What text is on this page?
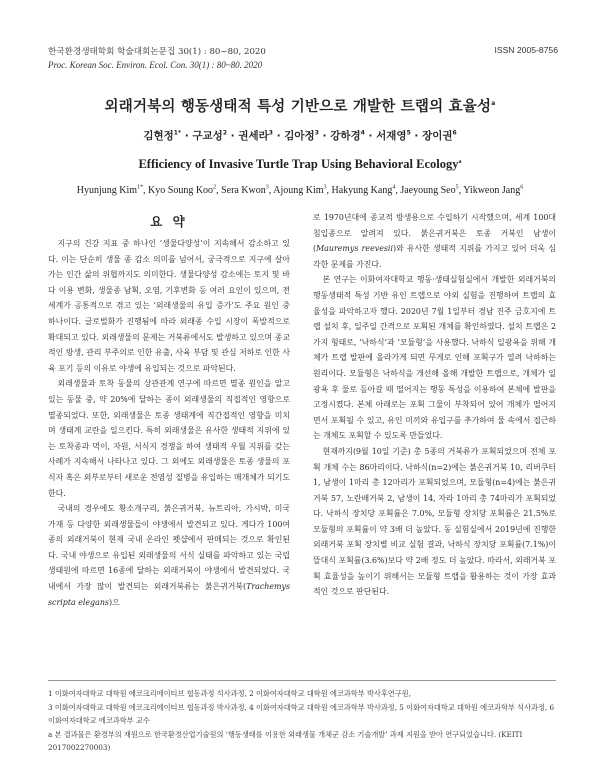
한국환경생태학회 학술대회논문집 30(1) : 80~80, 2020	ISSN 2005-8756
Proc. Korean Soc. Environ. Ecol. Con. 30(1) : 80~80. 2020
외래거북의 행동생태적 특성 기반으로 개발한 트랩의 효율성$^a$
김현정$^{1*}$ · 구교성$^2$ · 권세라$^3$ · 김아정$^3$ · 강하경$^4$ · 서재영$^5$ · 장이권$^6$
Efficiency of Invasive Turtle Trap Using Behavioral Ecology$^a$
Hyunjung Kim$^{1*}$, Kyo Soung Koo$^2$, Sera Kwon$^3$, Ajoung Kim$^3$, Hakyung Kang$^4$, Jaeyoung Seo$^5$, Yikweon Jang$^6$
요 약

지구의 건강 지표 중 하나인 ‘생물다양성’이 지속해서 감소하고 있다. 이는 단순히 생물 종 감소 의미를 넘어서, 궁극적으로 지구에 살아가는 인간 삶의 위협까지도 의미한다. 생물다양성 감소에는 토지 및 바다 이용 변화, 생물종 남획, 오염, 기후변화 등 여러 요인이 있으며, 전 세계가 공통적으로 겪고 있는 ‘외래생물의 유입 증가’도 주요 원인 중 하나이다. 글로벌화가 진행됨에 따라 외래종 수입 시장이 폭발적으로 확대되고 있다. 외래생물의 문제는 거북류에서도 발생하고 있으며 종교적인 방생, 관리 부주의로 인한 유출, 사육 부담 및 관심 저하로 인한 사육 포기 등의 이유로 야생에 유입되는 것으로 파악된다.

외래생물과 토착 동물의 상관관계 연구에 따르면 멸종 원인을 알고 있는 동물 중, 약 20%에 달하는 종이 외래생물의 직접적인 영향으로 멸종되었다. 또한, 외래생물은 토종 생태계에 직간접적인 영향을 미치며 생태계 교란을 일으킨다. 특히 외래생물은 유사한 생태적 지위에 있는 토착종과 먹이, 자원, 서식지 경쟁을 하여 생태적 우월 지위를 갖는 사례가 지속해서 나타나고 있다. 그 외에도 외래생물은 토종 생물의 포식자 혹은 외부로부터 새로운 전염성 질병을 유입하는 매개체가 되기도 한다.

국내의 경우에도 황소개구리, 붉은귀거북, 뉴트리아, 가시박, 미국 가재 등 다양한 외래생물들이 야생에서 발견되고 있다. 게다가 100여 종의 외래거북이 현재 국내 온라인 펫샵에서 판매되는 것으로 확인된다. 국내 야생으로 유입된 외래생물의 서식 실태를 파악하고 있는 국립생태원에 따르면 16종에 달하는 외래거북이 야생에서 발견되었다. 국내에서 가장 많이 발견되는 외래거북류는 붉은귀거북(Trachemys scripta elegans)으

로 1970년대에 종교적 방생용으로 수입하기 시작했으며, 세계 100대 침입종으로 알려져 있다. 붉은귀거북은 토종 거북인 남생이(Mauremys reevesii)와 유사한 생태적 지위를 가지고 있어 더욱 심각한 문제를 가진다.

본 연구는 이화여자대학교 행동·생태실험실에서 개발한 외래거북의 행동생태적 특성 기반 유인 트랩으로 야외 실험을 진행하여 트랩의 효율성을 파악하고자 했다. 2020년 7월 1일부터 경남 진주 금호지에 트랩 설치 후, 일주일 간격으로 포획된 개체를 확인하였다. 설치 트랩은 2가지 형태로, ‘낙하식’과 ‘모듈형’을 사용했다. 낙하식 일광욕을 위해 개체가 트랩 발판에 올라가게 되면 무게로 인해 포획구가 열려 낙하하는 원리이다. 모듈형은 낙하식을 개선해 올해 개발한 트랩으로, 개체가 일광욕 후 물로 돌아갈 때 떨어지는 행동 특성을 이용하여 본체에 발판을 고정시켰다. 본체 아래로는 포획 그물이 부착되어 있어 개체가 떨어지면서 포획될 수 있고, 유인 미끼와 유입구를 추가하여 물 속에서 접근하는 개체도 포획할 수 있도록 만들었다.

현재까지(9월 10일 기준) 총 5종의 거북류가 포획되었으며 전체 포획 개체 수는 86마리이다. 낙하식(n=2)에는 붉은귀거북 10, 리버쿠터 1, 남생이 1마리 총 12마리가 포획되었으며, 모듈형(n=4)에는 붉은귀거북 57, 노란배거북 2, 남생이 14, 자라 1마리 총 74마리가 포획되었다. 낙하식 장치당 포획률은 7.0%, 모듈형 장치당 포획률은 21.5%로 모듈형의 포획률이 약 3배 더 높았다. 동 실험실에서 2019년에 진행한 외래거북 포획 장치별 비교 실험 결과, 낙하식 장치당 포획률(7.1%)이 뜰대식 포획률(3.6%)보다 약 2배 정도 더 높았다. 따라서, 외래거북 포획 효율성을 높이기 위해서는 모듈형 트랩을 활용하는 것이 가장 효과적인 것으로 판단된다.

1 이화여자대학교 대학원 에코크리에이티브 협동과정 석사과정, 2 이화여자대학교 대학원 에코과학부 박사후연구원,

3 이화여자대학교 대학원 에코크리에이티브 협동과정 박사과정, 4 이화여자대학교 대학원 에코과학부 박사과정, 5 이화여자대학교 대학원 에코과학부 석사과정, 6 이화여자대학교 에코과학부 교수

a 본 결과물은 환경부의 재원으로 한국환경산업기술원의 ‘행동생태를 이용한 외래생물 개체군 감소 기술개발’ 과제 지원을 받아 연구되었습니다. (KEITI 2017002270003)
